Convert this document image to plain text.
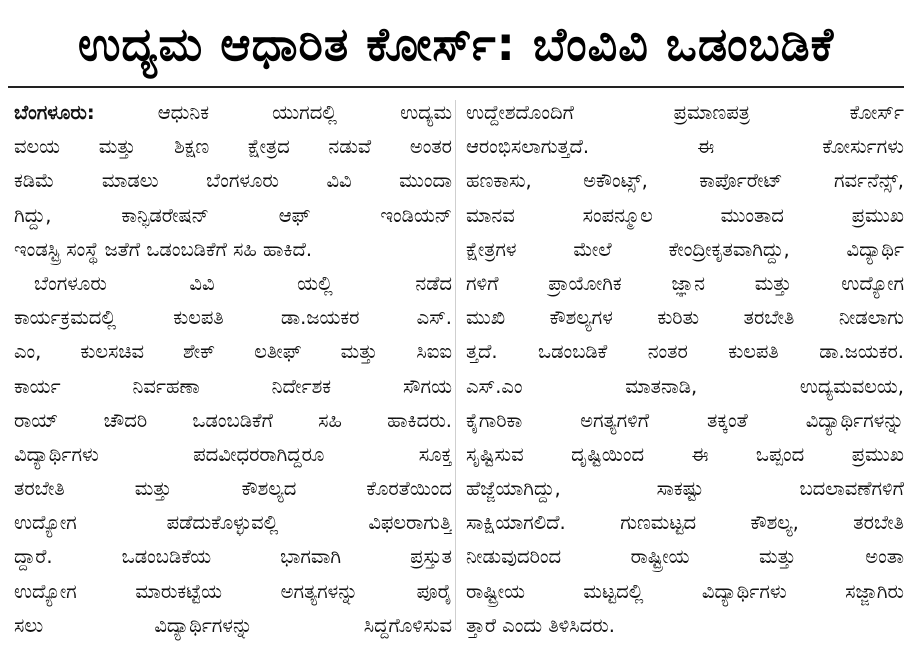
ಉದ್ಯಮ ಆಧಾರಿತ ಕೋರ್ಸ್: ಬೆಂವಿವಿ ಒಡಂಬಡಿಕೆ
ಬೆಂಗಳೂರು:	ಆಧುನಿಕ ಯುಗದಲ್ಲಿ ಉದ್ಯಮ
ವಲಯ ಮತ್ತು ಶಿಕ್ಷಣ ಕ್ಷೇತ್ರದ ನಡುವೆ ಅಂತರ
ಕಡಿಮೆ ಮಾಡಲು ಬೆಂಗಳೂರು ವಿವಿ ಮುಂದಾ
ಗಿದ್ದು, ಕಾನ್ಫಿಡರೇಷನ್ ಆಫ್ ಇಂಡಿಯನ್
ಇಂಡಸ್ಟ್ರಿ ಸಂಸ್ಥೆ ಜತೆಗೆ ಒಡಂಬಡಿಕೆಗೆ ಸಹಿ ಹಾಕಿದೆ.
ಬೆಂಗಳೂರು ವಿವಿ ಯಲ್ಲಿ ನಡೆದ
ಕಾರ್ಯಕ್ರಮದಲ್ಲಿ ಕುಲಪತಿ ಡಾ.ಜಯಕರ ಎಸ್.
ಎಂ, ಕುಲಸಚಿವ ಶೇಕ್ ಲತೀಫ್ ಮತ್ತು ಸಿಐಐ
ಕಾರ್ಯ ನಿರ್ವಹಣಾ ನಿರ್ದೇಶಕ ಸೌಗಯ
ರಾಯ್ ಚೌದರಿ ಒಡಂಬಡಿಕೆಗೆ ಸಹಿ ಹಾಕಿದರು.
ವಿದ್ಯಾರ್ಥಿಗಳು ಪದವೀಧರರಾಗಿದ್ದರೂ ಸೂಕ್ತ
ತರಬೇತಿ ಮತ್ತು ಕೌಶಲ್ಯದ ಕೊರತೆಯಿಂದ
ಉದ್ಯೋಗ ಪಡೆದುಕೊಳ್ಳುವಲ್ಲಿ ವಿಫಲರಾಗುತ್ತಿ
ದ್ದಾರೆ. ಒಡಂಬಡಿಕೆಯ ಭಾಗವಾಗಿ ಪ್ರಸ್ತುತ
ಉದ್ಯೋಗ ಮಾರುಕಟ್ಟೆಯ ಅಗತ್ಯಗಳನ್ನು ಪೂರೈ
ಸಲು ವಿದ್ಯಾರ್ಥಿಗಳನ್ನು ಸಿದ್ದಗೊಳಿಸುವ
ಉದ್ದೇಶದೊಂದಿಗೆ ಪ್ರಮಾಣಪತ್ರ ಕೋರ್ಸ್
ಆರಂಭಿಸಲಾಗುತ್ತದೆ. ಈ ಕೋರ್ಸುಗಳು
ಹಣಕಾಸು, ಅಕೌಂಟ್ಸ್, ಕಾರ್ಪೊರೇಟ್ ಗರ್ವನೆನ್ಸ್,
ಮಾನವ ಸಂಪನ್ಮೂಲ ಮುಂತಾದ ಪ್ರಮುಖ
ಕ್ಷೇತ್ರಗಳ ಮೇಲೆ ಕೇಂದ್ರೀಕೃತವಾಗಿದ್ದು, ವಿದ್ಯಾರ್ಥಿ
ಗಳಿಗೆ ಪ್ರಾಯೋಗಿಕ ಜ್ಞಾನ ಮತ್ತು ಉದ್ಯೋಗ
ಮುಖಿ ಕೌಶಲ್ಯಗಳ ಕುರಿತು ತರಬೇತಿ ನೀಡಲಾಗು
ತ್ತದೆ. ಒಡಂಬಡಿಕೆ ನಂತರ ಕುಲಪತಿ ಡಾ.ಜಯಕರ.
ಎಸ್.ಎಂ ಮಾತನಾಡಿ, ಉದ್ಯಮವಲಯ,
ಕೈಗಾರಿಕಾ ಅಗತ್ಯಗಳಿಗೆ ತಕ್ಕಂತೆ ವಿದ್ಯಾರ್ಥಿಗಳನ್ನು
ಸೃಷ್ಟಿಸುವ ದೃಷ್ಟಿಯಿಂದ ಈ ಒಪ್ಪಂದ ಪ್ರಮುಖ
ಹೆಜ್ಜೆಯಾಗಿದ್ದು, ಸಾಕಷ್ಟು ಬದಲಾವಣೆಗಳಿಗೆ
ಸಾಕ್ಷಿಯಾಗಲಿದೆ. ಗುಣಮಟ್ಟದ ಕೌಶಲ್ಯ, ತರಬೇತಿ
ನೀಡುವುದರಿಂದ ರಾಷ್ಟ್ರೀಯ ಮತ್ತು ಅಂತಾ
ರಾಷ್ಟ್ರೀಯ ಮಟ್ಟದಲ್ಲಿ ವಿದ್ಯಾರ್ಥಿಗಳು ಸಜ್ಜಾಗಿರು
ತ್ತಾರೆ ಎಂದು ತಿಳಿಸಿದರು.
